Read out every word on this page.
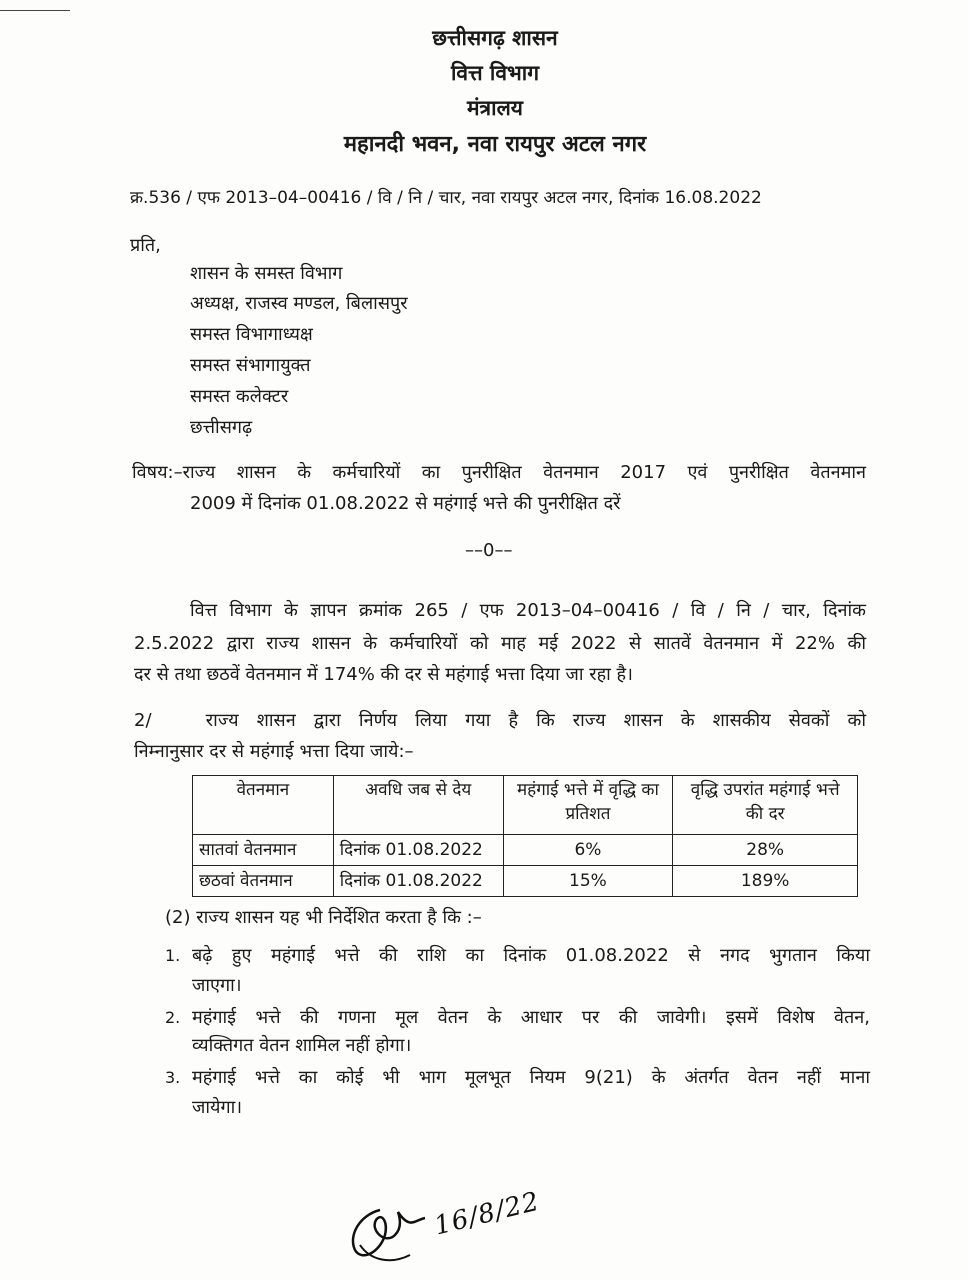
छत्तीसगढ़ शासन
वित्त विभाग
मंत्रालय
महानदी भवन, नवा रायपुर अटल नगर
क्र.536 / एफ 2013–04–00416 / वि / नि / चार, नवा रायपुर अटल नगर, दिनांक 16.08.2022
प्रति,
शासन के समस्त विभाग
अध्यक्ष, राजस्व मण्डल, बिलासपुर
समस्त विभागाध्यक्ष
समस्त संभागायुक्त
समस्त कलेक्टर
छत्तीसगढ़
विषय:–राज्य शासन के कर्मचारियों का पुनरीक्षित वेतनमान 2017 एवं पुनरीक्षित वेतनमान
2009 में दिनांक 01.08.2022 से महंगाई भत्ते की पुनरीक्षित दरें
––0––
वित्त विभाग के ज्ञापन क्रमांक 265 / एफ 2013–04–00416 / वि / नि / चार, दिनांक
2.5.2022 द्वारा राज्य शासन के कर्मचारियों को माह मई 2022 से सातवें वेतनमान में 22% की
दर से तथा छठवें वेतनमान में 174% की दर से महंगाई भत्ता दिया जा रहा है।
2/   राज्य शासन द्वारा निर्णय लिया गया है कि राज्य शासन के शासकीय सेवकों को
निम्नानुसार दर से महंगाई भत्ता दिया जाये:–
वेतनमान	अवधि जब से देय	महंगाई भत्ते में वृद्धि का प्रतिशत	वृद्धि उपरांत महंगाई भत्ते की दर
सातवां वेतनमान	दिनांक 01.08.2022	6%	28%
छठवां वेतनमान	दिनांक 01.08.2022	15%	189%
(2) राज्य शासन यह भी निर्देशित करता है कि :–
1. बढ़े हुए महंगाई भत्ते की राशि का दिनांक 01.08.2022 से नगद भुगतान किया
जाएगा।
2. महंगाई भत्ते की गणना मूल वेतन के आधार पर की जावेगी। इसमें विशेष वेतन,
व्यक्तिगत वेतन शामिल नहीं होगा।
3. महंगाई भत्ते का कोई भी भाग मूलभूत नियम 9(21) के अंतर्गत वेतन नहीं माना
जायेगा।
16/8/22
